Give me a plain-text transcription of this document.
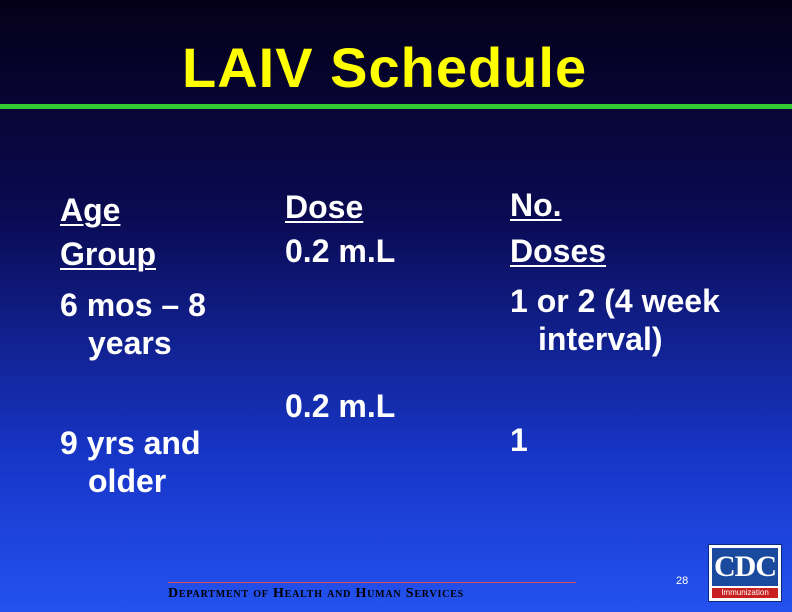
LAIV Schedule
Age
Group
6 mos – 8
years
9 yrs and
older
Dose
0.2 m.L
0.2 m.L
No.
Doses
1 or 2 (4 week
interval)
1
Department of Health and Human Services
28 CDC
Immunization
